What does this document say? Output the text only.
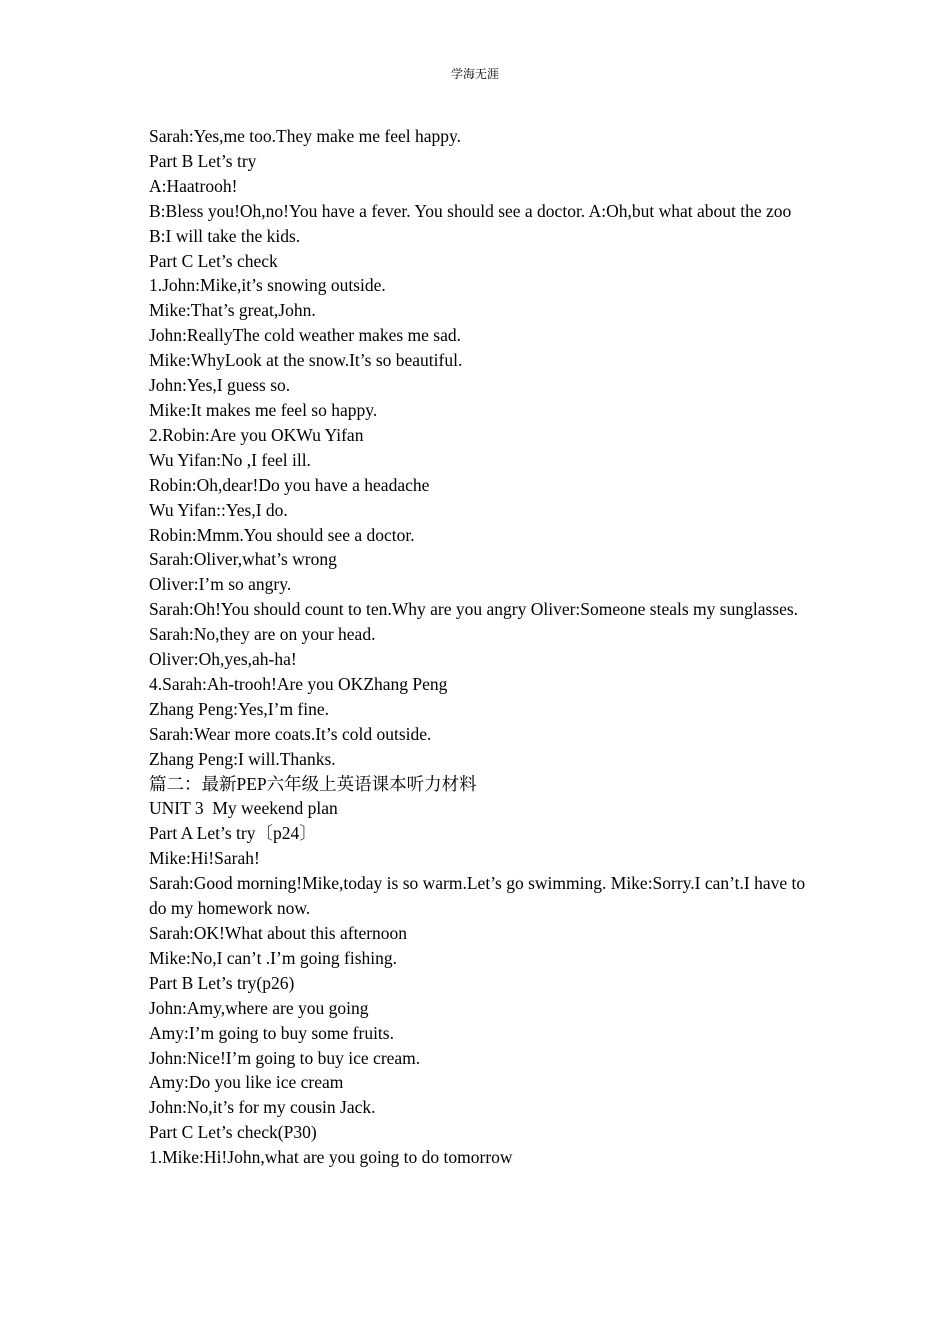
学海无涯
Sarah:Yes,me too.They make me feel happy.
Part B Let’s try
A:Haatrooh!
B:Bless you!Oh,no!You have a fever. You should see a doctor. A:Oh,but what about the zoo
B:I will take the kids.
Part C Let’s check
1.John:Mike,it’s snowing outside.
Mike:That’s great,John.
John:ReallyThe cold weather makes me sad.
Mike:WhyLook at the snow.It’s so beautiful.
John:Yes,I guess so.
Mike:It makes me feel so happy.
2.Robin:Are you OKWu Yifan
Wu Yifan:No ,I feel ill.
Robin:Oh,dear!Do you have a headache
Wu Yifan::Yes,I do.
Robin:Mmm.You should see a doctor.
Sarah:Oliver,what’s wrong
Oliver:I’m so angry.
Sarah:Oh!You should count to ten.Why are you angry Oliver:Someone steals my sunglasses.
Sarah:No,they are on your head.
Oliver:Oh,yes,ah-ha!
4.Sarah:Ah-trooh!Are you OKZhang Peng
Zhang Peng:Yes,I’m fine.
Sarah:Wear more coats.It’s cold outside.
Zhang Peng:I will.Thanks.
篇二：最新PEP六年级上英语课本听力材料
UNIT 3  My weekend plan
Part A Let’s try〔p24〕
Mike:Hi!Sarah!
Sarah:Good morning!Mike,today is so warm.Let’s go swimming. Mike:Sorry.I can’t.I have to do my homework now.
Sarah:OK!What about this afternoon
Mike:No,I can’t .I’m going fishing.
Part B Let’s try(p26)
John:Amy,where are you going
Amy:I’m going to buy some fruits.
John:Nice!I’m going to buy ice cream.
Amy:Do you like ice cream
John:No,it’s for my cousin Jack.
Part C Let’s check(P30)
1.Mike:Hi!John,what are you going to do tomorrow
